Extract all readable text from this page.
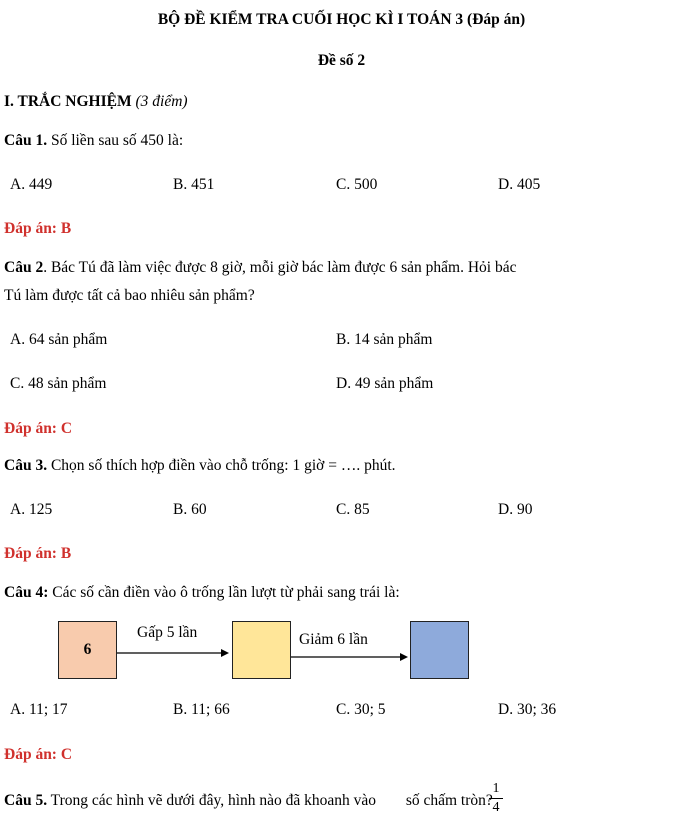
BỘ ĐỀ KIỂM TRA CUỐI HỌC KÌ I TOÁN 3 (Đáp án)
Đề số 2
I. TRẮC NGHIỆM (3 điểm)
Câu 1. Số liền sau số 450 là:
A. 449	B. 451	C. 500	D. 405
Đáp án: B
Câu 2. Bác Tú đã làm việc được 8 giờ, mỗi giờ bác làm được 6 sản phẩm. Hỏi bác
Tú làm được tất cả bao nhiêu sản phẩm?
A. 64 sản phẩm	B. 14 sản phẩm
C. 48 sản phẩm	D. 49 sản phẩm
Đáp án: C
Câu 3. Chọn số thích hợp điền vào chỗ trống: 1 giờ = …. phút.
A. 125	B. 60	C. 85	D. 90
Đáp án: B
Câu 4: Các số cần điền vào ô trống lần lượt từ phải sang trái là:
6
Gấp 5 lần	Giảm 6 lần
A. 11; 17	B. 11; 66	C. 30; 5	D. 30; 36
Đáp án: C
Câu 5. Trong các hình vẽ dưới đây, hình nào đã khoanh vào  số chấm tròn?
1
4
